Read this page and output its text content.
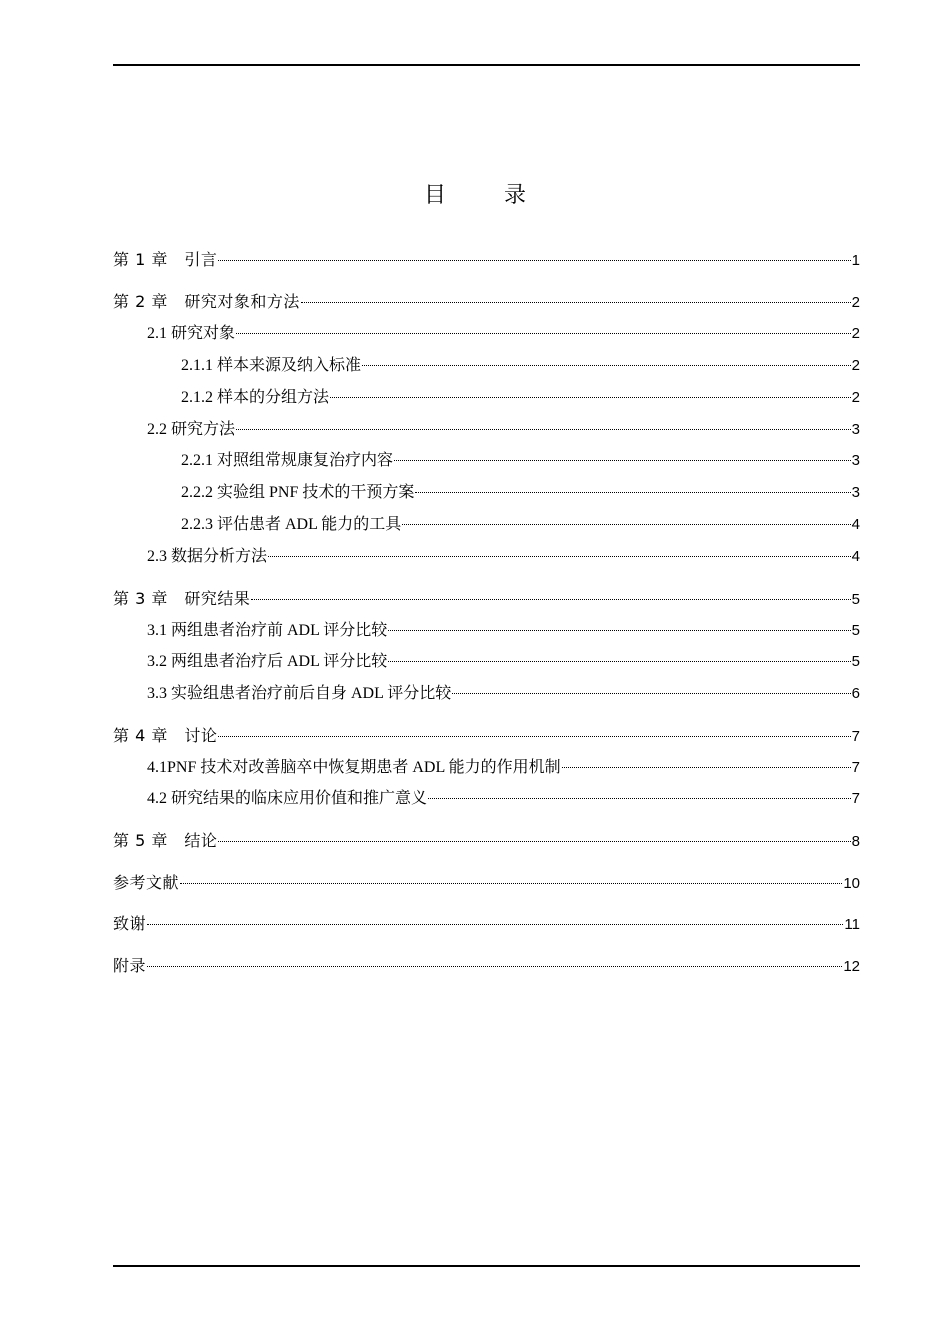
目　录
第 1 章　引言	1
第 2 章　研究对象和方法	2
2.1 研究对象	2
2.1.1 样本来源及纳入标准	2
2.1.2 样本的分组方法	2
2.2 研究方法	3
2.2.1 对照组常规康复治疗内容	3
2.2.2 实验组 PNF 技术的干预方案	3
2.2.3 评估患者 ADL 能力的工具	4
2.3 数据分析方法	4
第 3 章　研究结果	5
3.1 两组患者治疗前 ADL 评分比较	5
3.2 两组患者治疗后 ADL 评分比较	5
3.3 实验组患者治疗前后自身 ADL 评分比较	6
第 4 章　讨论	7
4.1PNF 技术对改善脑卒中恢复期患者 ADL 能力的作用机制	7
4.2 研究结果的临床应用价值和推广意义	7
第 5 章　结论	8
参考文献	10
致谢	11
附录	12
